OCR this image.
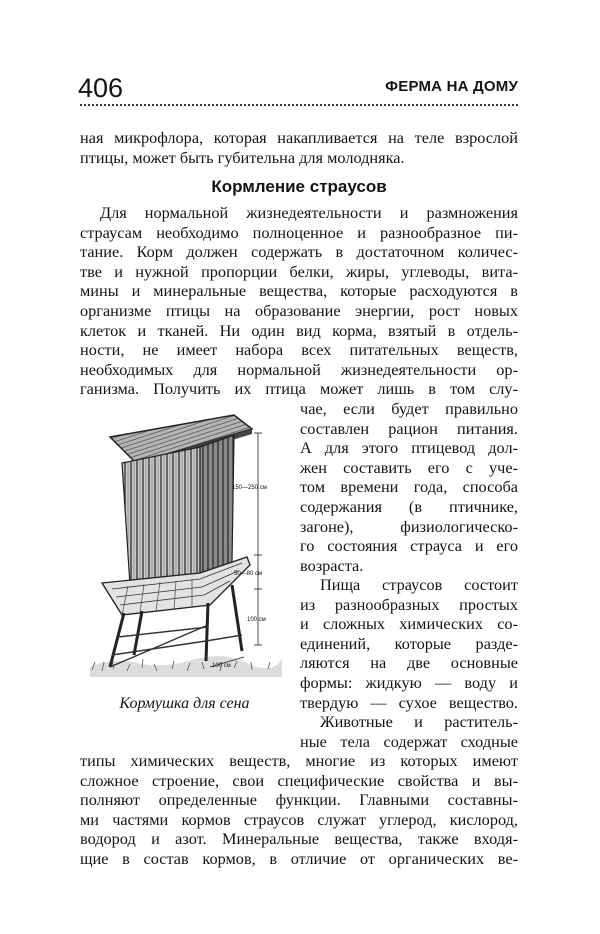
406	ФЕРМА НА ДОМУ
ная микрофлора, которая накапливается на теле взрослой
птицы, может быть губительна для молодняка.
Кормление страусов
Для нормальной жизнедеятельности и размножения
страусам необходимо полноценное и разнообразное пи-
тание. Корм должен содержать в достаточном количес-
тве и нужной пропорции белки, жиры, углеводы, вита-
мины и минеральные вещества, которые расходуются в
организме птицы на образование энергии, рост новых
клеток и тканей. Ни один вид корма, взятый в отдель-
ности, не имеет набора всех питательных веществ,
необходимых для нормальной жизнедеятельности ор-
ганизма. Получить их птица может лишь в том слу-
чае, если будет правильно
составлен рацион питания.
А для этого птицевод дол-
жен составить его с уче-
том времени года, способа
содержания (в птичнике,
загоне), физиологическо-
го состояния страуса и его
возраста.
Пища страусов состоит
из разнообразных простых
и сложных химических со-
единений, которые разде-
ляются на две основные
формы: жидкую — воду и
твердую — сухое вещество.
Животные и раститель-
ные тела содержат сходные
типы химических веществ, многие из которых имеют
сложное строение, свои специфические свойства и вы-
полняют определенные функции. Главными составны-
ми частями кормов страусов служат углерод, кислород,
водород и азот. Минеральные вещества, также входя-
щие в состав кормов, в отличие от органических ве-
150—250 см
50—80 см
100 см
100 см
Кормушка для сена
